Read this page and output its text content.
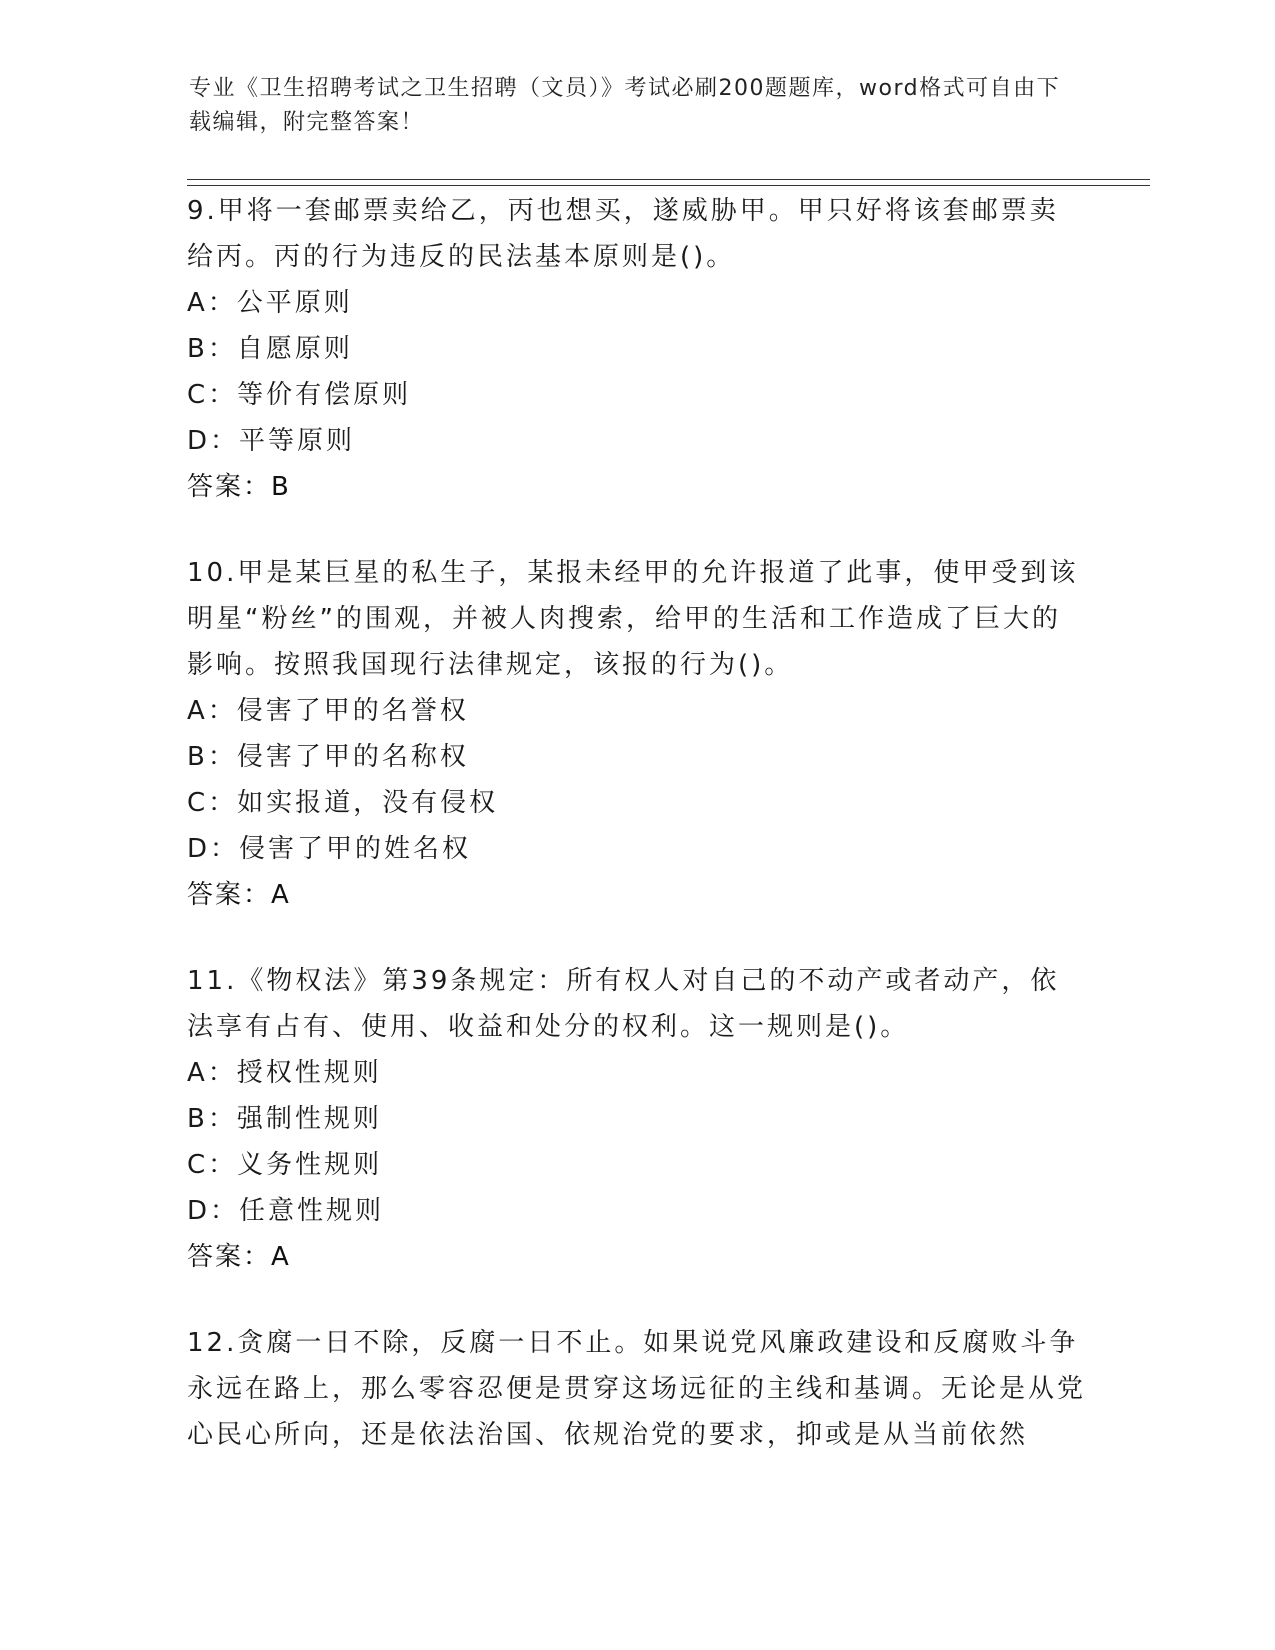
专业《卫生招聘考试之卫生招聘（文员）》考试必刷200题题库，word格式可自由下载编辑，附完整答案！
9.甲将一套邮票卖给乙，丙也想买，遂威胁甲。甲只好将该套邮票卖给丙。丙的行为违反的民法基本原则是()。
A：公平原则
B：自愿原则
C：等价有偿原则
D：平等原则
答案：B
10.甲是某巨星的私生子，某报未经甲的允许报道了此事，使甲受到该明星“粉丝”的围观，并被人肉搜索，给甲的生活和工作造成了巨大的影响。按照我国现行法律规定，该报的行为()。
A：侵害了甲的名誉权
B：侵害了甲的名称权
C：如实报道，没有侵权
D：侵害了甲的姓名权
答案：A
11.《物权法》第39条规定：所有权人对自己的不动产或者动产，依法享有占有、使用、收益和处分的权利。这一规则是()。
A：授权性规则
B：强制性规则
C：义务性规则
D：任意性规则
答案：A
12.贪腐一日不除，反腐一日不止。如果说党风廉政建设和反腐败斗争永远在路上，那么零容忍便是贯穿这场远征的主线和基调。无论是从党心民心所向，还是依法治国、依规治党的要求，抑或是从当前依然
